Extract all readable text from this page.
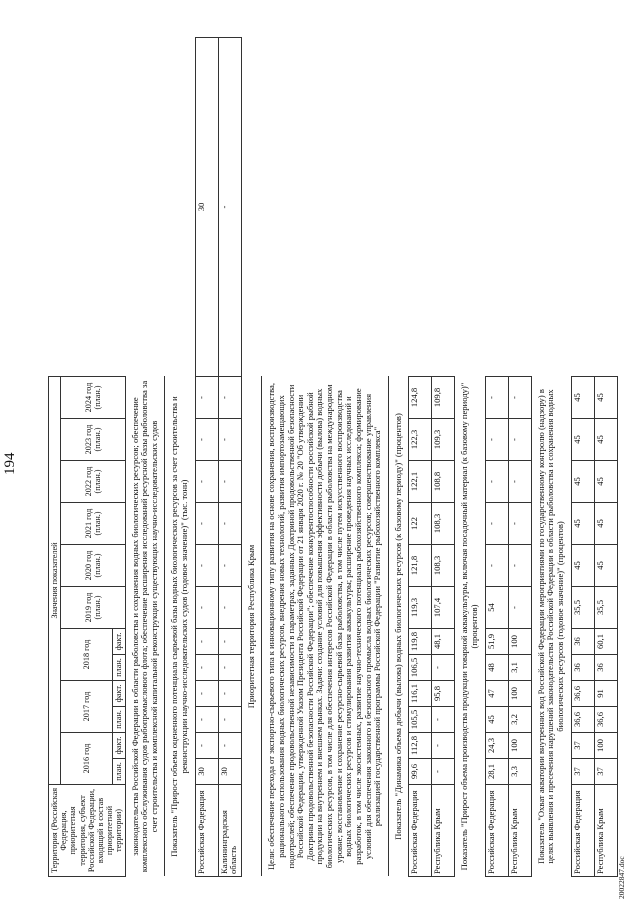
194
20022847.doc
Территория (Российская Федерация, приоритетная территория, субъект Российской Федерации, входящий в состав приоритетной территории)	Значения показателей												
	2016 год		2017 год		2018 год		2019 год (план.)	2020 год (план.)	2021 год (план.)	2022 год (план.)	2023 год (план.)	2024 год (план.)	
	план.	факт.	план.	факт.	план.	факт.							
законодательства Российской Федерации в области рыболовства и сохранения водных биологических ресурсов; обеспечение комплексного обслуживания судов рыбопромыслового флота; обеспечение расширения исследований ресурсной базы рыболовства за счет строительства и комплексной капитальной реконструкции существующих научно-исследовательских судов													
Показатель "Прирост объема оцененного потенциала сырьевой базы водных биологических ресурсов за счет строительства и реконструкции научно-исследовательских судов (годовое значение)" (тыс. тонн)													
Российская Федерация	30	-	-	-	-	-	-	-	-	-	-	-	30
Калининградская область	30	-	-	-	-	-	-	-	-	-	-	-	-
Приоритетная территория Республика Крым													
Цели: обеспечение перехода от экспортно-сырьевого типа к инновационному типу развития на основе сохранения, воспроизводства, рационального использования водных биологических ресурсов, внедрения новых технологий, развития импортозамещающих подотраслей; обеспечение продовольственной независимости в параметрах, заданных Доктриной продовольственной безопасности Российской Федерации, утвержденной Указом Президента Российской Федерации от 21 января 2020 г. № 20 "Об утверждении Доктрины продовольственной безопасности Российской Федерации"; обеспечение конкурентоспособности российской рыбной продукции на внутреннем и внешнем рынках. Задачи: создание условий для повышения эффективности добычи (вылова) водных биологических ресурсов, в том числе для обеспечения интересов Российской Федерации в области рыболовства на международном уровне; восстановление и сохранение ресурсно-сырьевой базы рыболовства, в том числе путем искусственного воспроизводства водных биологических ресурсов и стимулирования развития аквакультуры; расширение проведения научных исследований и разработок, в том числе экосистемных, развитие научно-технического потенциала рыбохозяйственного комплекса; формирование условий для обеспечения законного и безопасного промысла водных биологических ресурсов; совершенствование управления реализацией государственной программы Российской Федерации "Развитие рыбохозяйственного комплекса"													
Показатель "Динамика объема добычи (вылова) водных биологических ресурсов (к базовому периоду)" (процентов)													
Российская Федерация	99,6	112,8	105,5	116,1	106,5	119,8	119,3	121,8	122	122,1	122,3	124,8	
Республика Крым	-	-	-	95,8	-	48,1	107,4	108,3	108,3	108,8	109,3	109,8	
Показатель "Прирост объема производства продукции товарной аквакультуры, включая посадочный материал (к базовому периоду)" (процентов)													
Российская Федерация	28,1	24,3	45	47	48	51,9	54	-	-	-	-	-	
Республика Крым	3,3	100	3,2	100	3,1	100	-	-	-	-	-	-	
Показатель "Охват акватории внутренних вод Российской Федерации мероприятиями по государственному контролю (надзору) в целях выявления и пресечения нарушений законодательства Российской Федерации в области рыболовства и сохранения водных биологических ресурсов (годовое значение)" (процентов)													
Российская Федерация	37	37	36,6	36,6	36	36	35,5	45	45	45	45	45	
Республика Крым	37	100	36,6	91	36	60,1	35,5	45	45	45	45	45	
